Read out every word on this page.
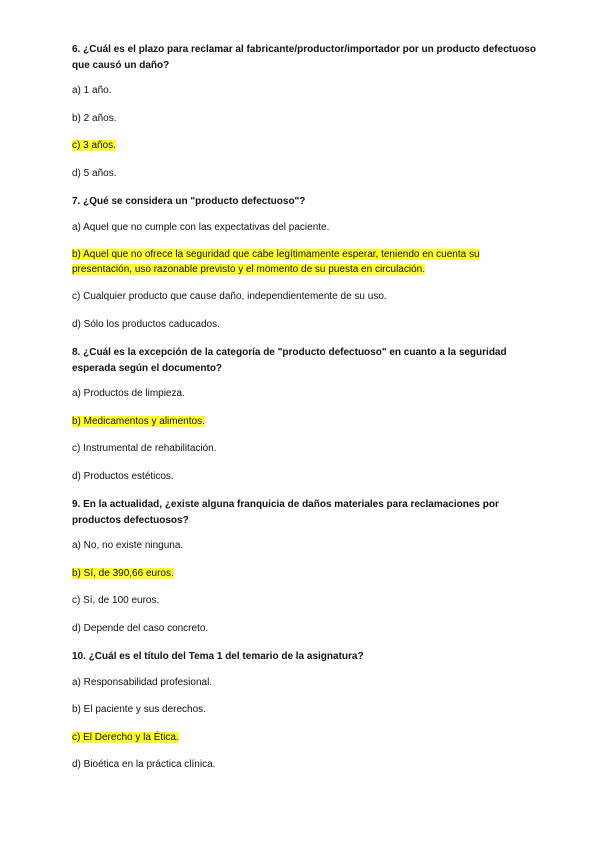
6. ¿Cuál es el plazo para reclamar al fabricante/productor/importador por un producto defectuoso que causó un daño?

a) 1 año.

b) 2 años.

c) 3 años.

d) 5 años.

7. ¿Qué se considera un "producto defectuoso"?

a) Aquel que no cumple con las expectativas del paciente.

b) Aquel que no ofrece la seguridad que cabe legítimamente esperar, teniendo en cuenta su presentación, uso razonable previsto y el momento de su puesta en circulación.

c) Cualquier producto que cause daño, independientemente de su uso.

d) Sólo los productos caducados.

8. ¿Cuál es la excepción de la categoría de "producto defectuoso" en cuanto a la seguridad esperada según el documento?

a) Productos de limpieza.

b) Medicamentos y alimentos.

c) Instrumental de rehabilitación.

d) Productos estéticos.

9. En la actualidad, ¿existe alguna franquicia de daños materiales para reclamaciones por productos defectuosos?

a) No, no existe ninguna.

b) Sí, de 390,66 euros.

c) Sí, de 100 euros.

d) Depende del caso concreto.

10. ¿Cuál es el título del Tema 1 del temario de la asignatura?

a) Responsabilidad profesional.

b) El paciente y sus derechos.

c) El Derecho y la Ética.

d) Bioética en la práctica clínica.
